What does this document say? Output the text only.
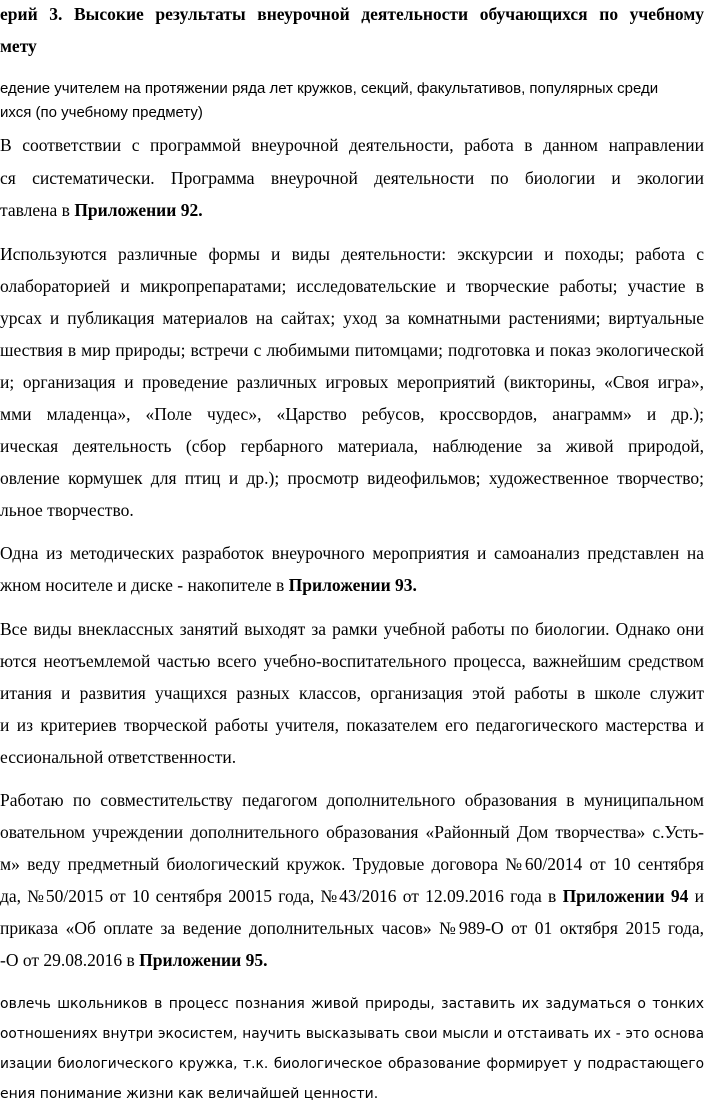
ерий 3. Высокие результаты внеурочной деятельности обучающихся по учебному
мету
едение учителем на протяжении ряда лет кружков, секций, факультативов, популярных среди
ихся (по учебному предмету)
В соответствии с программой внеурочной деятельности, работа в данном направлении
ся систематически. Программа внеурочной деятельности по биологии и экологии
тавлена в Приложении 92.
Используются различные формы и виды деятельности: экскурсии и походы; работа с
олабораторией и микропрепаратами; исследовательские и творческие работы; участие в
урсах и публикация материалов на сайтах; уход за комнатными растениями; виртуальные
шествия в мир природы; встречи с любимыми питомцами; подготовка и показ экологической
и; организация и проведение различных игровых мероприятий (викторины, «Своя игра»,
мми младенца», «Поле чудес», «Царство ребусов, кроссвордов, анаграмм» и др.);
ическая деятельность (сбор гербарного материала, наблюдение за живой природой,
овление кормушек для птиц и др.); просмотр видеофильмов; художественное творчество;
льное творчество.
Одна из методических разработок внеурочного мероприятия и самоанализ представлен на
жном носителе и диске - накопителе в Приложении 93.
Все виды внеклассных занятий выходят за рамки учебной работы по биологии. Однако они
ются неотъемлемой частью всего учебно-воспитательного процесса, важнейшим средством
итания и развития учащихся разных классов, организация этой работы в школе служит
и из критериев творческой работы учителя, показателем его педагогического мастерства и
ессиональной ответственности.
Работаю по совместительству педагогом дополнительного образования в муниципальном
овательном учреждении дополнительного образования «Районный Дом творчества» с.Усть-
м» веду предметный биологический кружок. Трудовые договора №60/2014 от 10 сентября
да, №50/2015 от 10 сентября 20015 года, №43/2016 от 12.09.2016 года в Приложении 94 и
приказа «Об оплате за ведение дополнительных часов» №989-О от 01 октября 2015 года,
-О от 29.08.2016 в Приложении 95.
овлечь школьников в процесс познания живой природы, заставить их задуматься о тонких
оотношениях внутри экосистем, научить высказывать свои мысли и отстаивать их - это основа
изации биологического кружка, т.к. биологическое образование формирует у подрастающего
ения понимание жизни как величайшей ценности.
